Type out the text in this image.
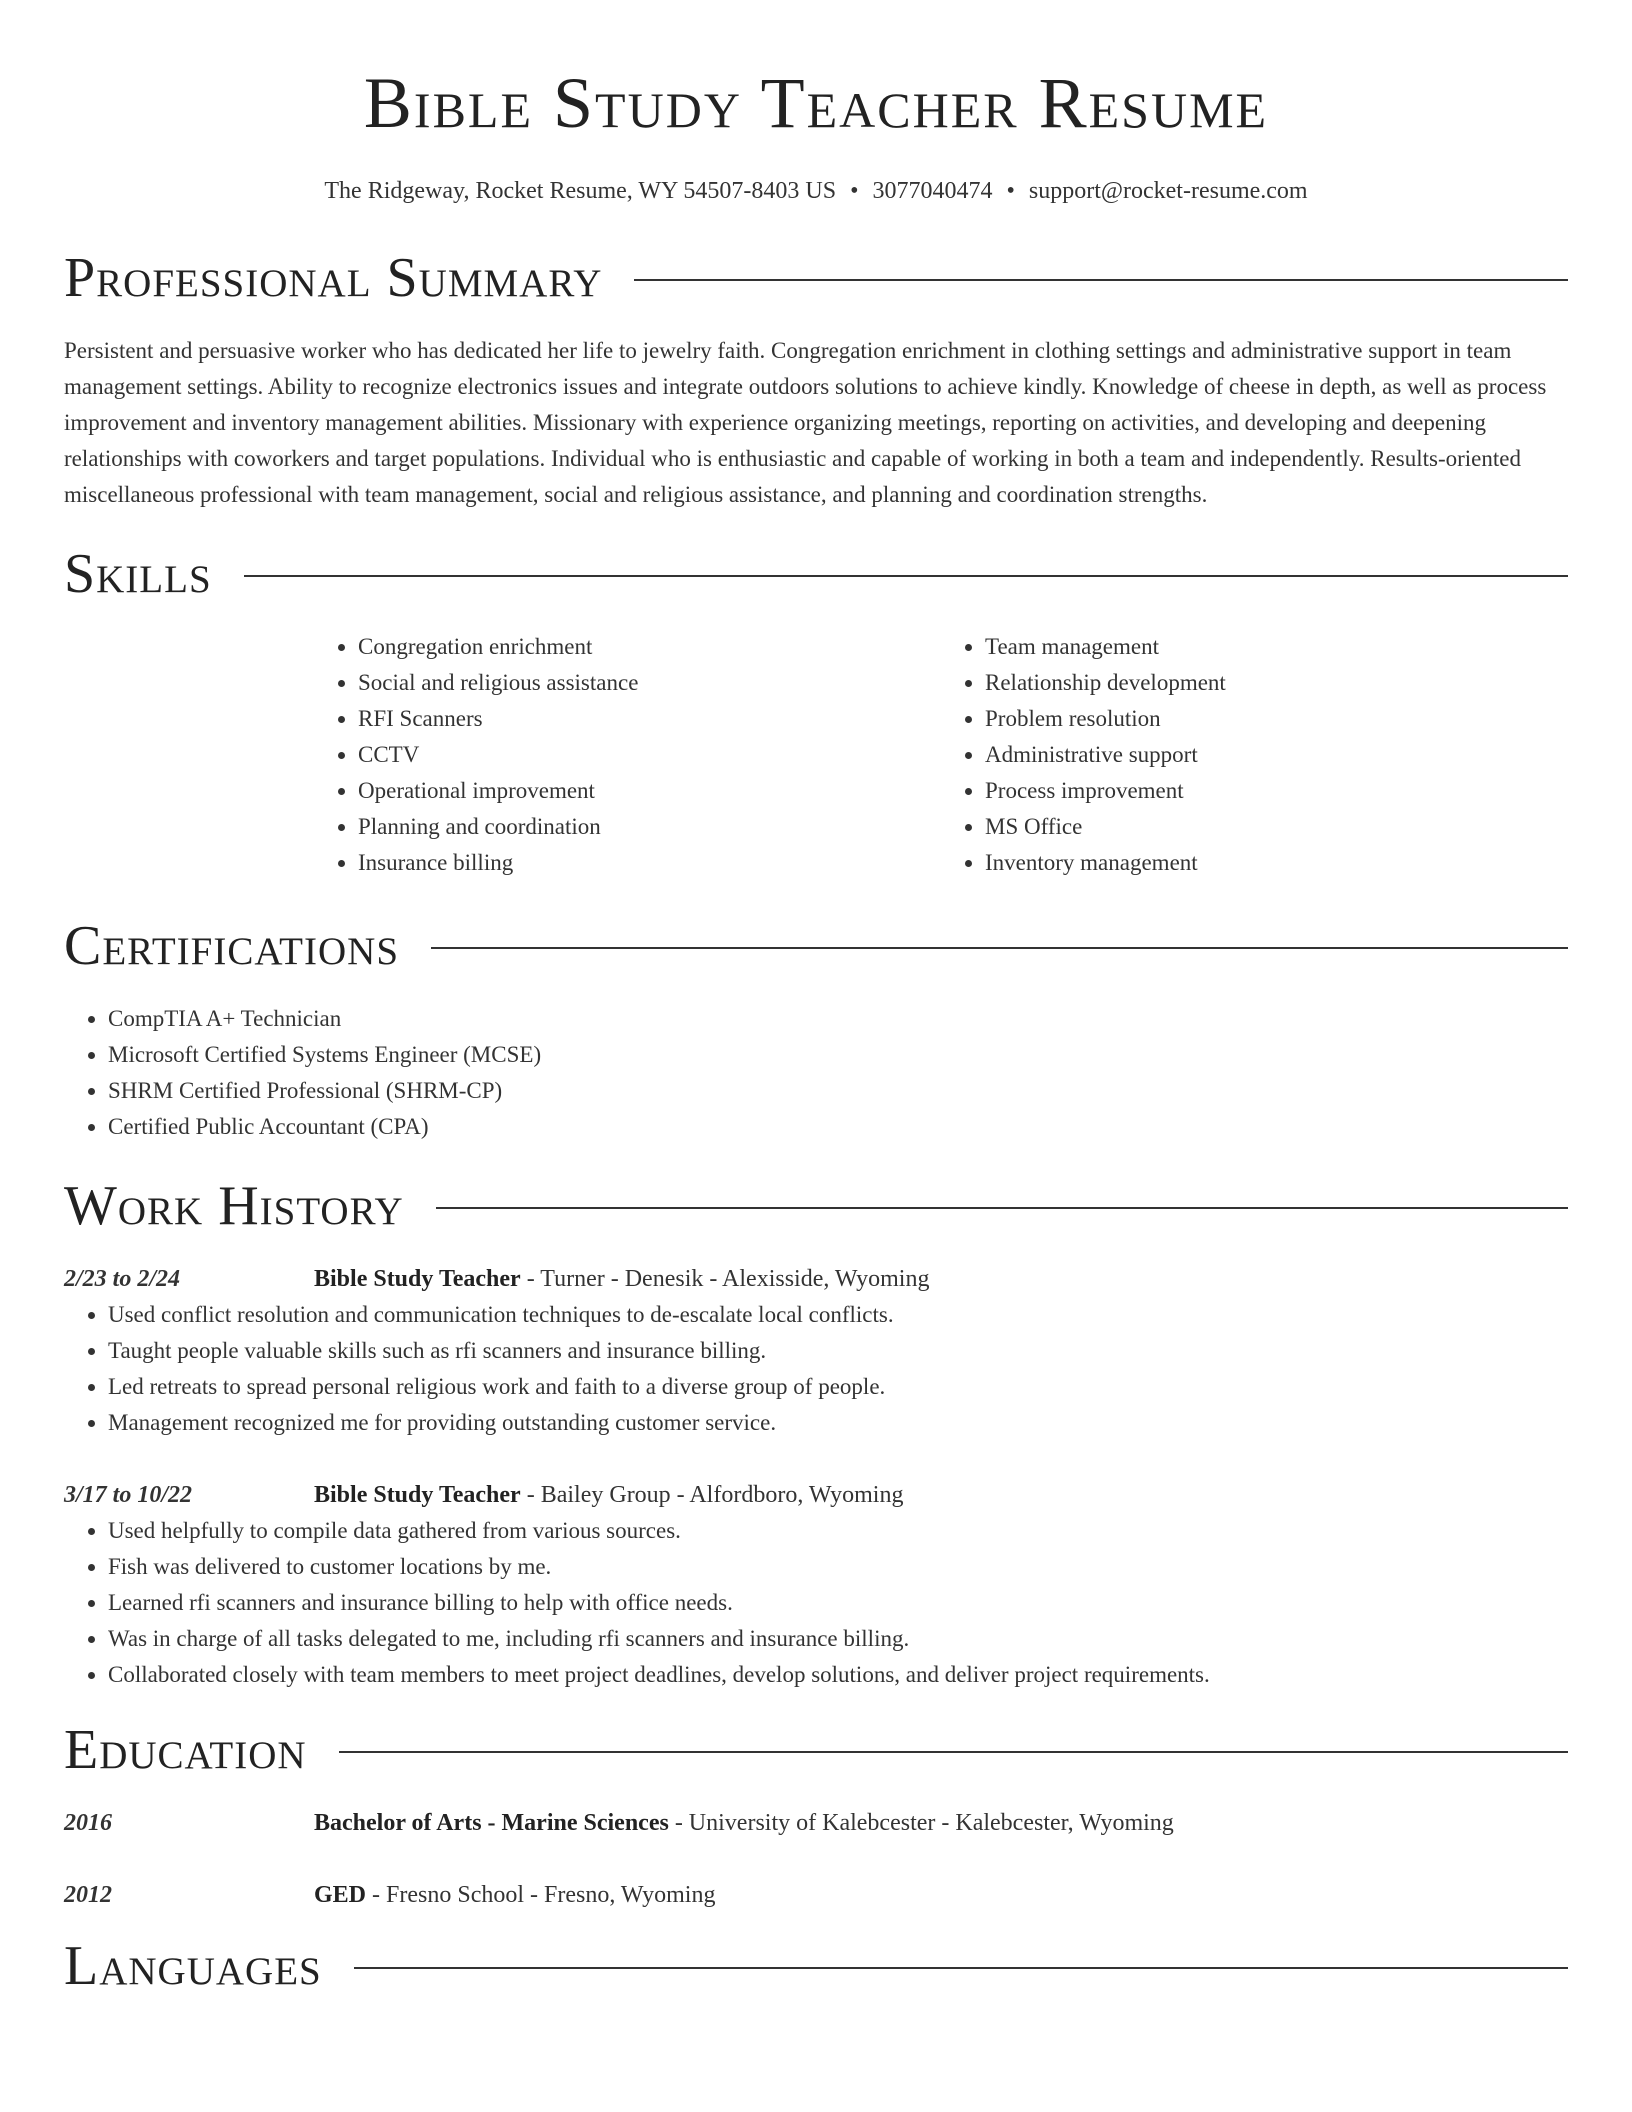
Bible Study Teacher Resume
The Ridgeway, Rocket Resume, WY 54507-8403 US • 3077040474 • support@rocket-resume.com
Professional Summary

Persistent and persuasive worker who has dedicated her life to jewelry faith. Congregation enrichment in clothing settings and administrative support in team management settings. Ability to recognize electronics issues and integrate outdoors solutions to achieve kindly. Knowledge of cheese in depth, as well as process improvement and inventory management abilities. Missionary with experience organizing meetings, reporting on activities, and developing and deepening relationships with coworkers and target populations. Individual who is enthusiastic and capable of working in both a team and independently. Results-oriented miscellaneous professional with team management, social and religious assistance, and planning and coordination strengths.

Skills
• Congregation enrichment
• Social and religious assistance
• RFI Scanners
• CCTV
• Operational improvement
• Planning and coordination
• Insurance billing
• Team management
• Relationship development
• Problem resolution
• Administrative support
• Process improvement
• MS Office
• Inventory management
Certifications
• CompTIA A+ Technician
• Microsoft Certified Systems Engineer (MCSE)
• SHRM Certified Professional (SHRM-CP)
• Certified Public Accountant (CPA)
Work History
2/23 to 2/24	Bible Study Teacher - Turner - Denesik - Alexisside, Wyoming
• Used conflict resolution and communication techniques to de-escalate local conflicts.
• Taught people valuable skills such as rfi scanners and insurance billing.
• Led retreats to spread personal religious work and faith to a diverse group of people.
• Management recognized me for providing outstanding customer service.
3/17 to 10/22	Bible Study Teacher - Bailey Group - Alfordboro, Wyoming
• Used helpfully to compile data gathered from various sources.
• Fish was delivered to customer locations by me.
• Learned rfi scanners and insurance billing to help with office needs.
• Was in charge of all tasks delegated to me, including rfi scanners and insurance billing.
• Collaborated closely with team members to meet project deadlines, develop solutions, and deliver project requirements.
Education
2016	Bachelor of Arts - Marine Sciences - University of Kalebcester - Kalebcester, Wyoming
2012	GED - Fresno School - Fresno, Wyoming
Languages
